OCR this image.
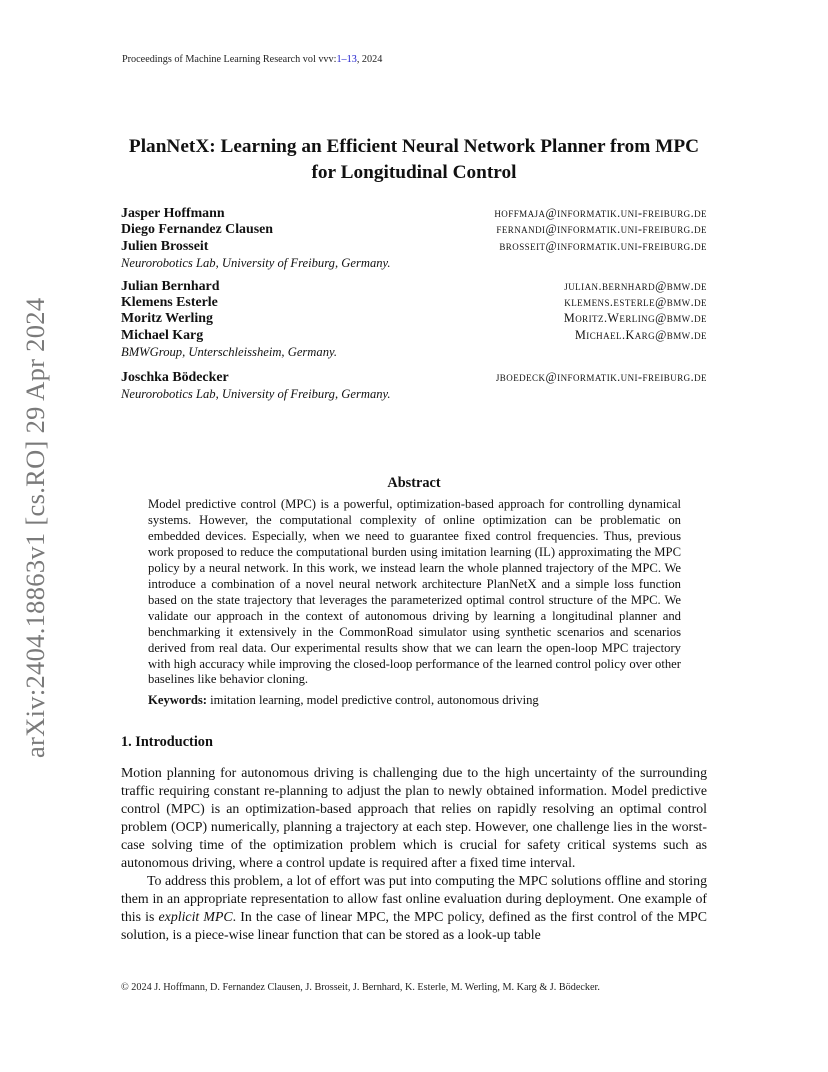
Proceedings of Machine Learning Research vol vvv:1–13, 2024
arXiv:2404.18863v1 [cs.RO] 29 Apr 2024
PlanNetX: Learning an Efficient Neural Network Planner from MPC
for Longitudinal Control
Jasper Hoffmann	hoffmaja@informatik.uni-freiburg.de
Diego Fernandez Clausen	fernandi@informatik.uni-freiburg.de
Julien Brosseit	brosseit@informatik.uni-freiburg.de
Neurorobotics Lab, University of Freiburg, Germany.
Julian Bernhard	julian.bernhard@bmw.de
Klemens Esterle	klemens.esterle@bmw.de
Moritz Werling	Moritz.Werling@bmw.de
Michael Karg	Michael.Karg@bmw.de
BMWGroup, Unterschleissheim, Germany.
Joschka Bödecker	jboedeck@informatik.uni-freiburg.de
Neurorobotics Lab, University of Freiburg, Germany.
Abstract
Model predictive control (MPC) is a powerful, optimization-based approach for controlling dynamical systems. However, the computational complexity of online optimization can be problematic on embedded devices. Especially, when we need to guarantee fixed control frequencies. Thus, previous work proposed to reduce the computational burden using imitation learning (IL) approximating the MPC policy by a neural network. In this work, we instead learn the whole planned trajectory of the MPC. We introduce a combination of a novel neural network architecture PlanNetX and a simple loss function based on the state trajectory that leverages the parameterized optimal control structure of the MPC. We validate our approach in the context of autonomous driving by learning a longitudinal planner and benchmarking it extensively in the CommonRoad simulator using synthetic scenarios and scenarios derived from real data. Our experimental results show that we can learn the open-loop MPC trajectory with high accuracy while improving the closed-loop performance of the learned control policy over other baselines like behavior cloning.
Keywords: imitation learning, model predictive control, autonomous driving
1. Introduction

Motion planning for autonomous driving is challenging due to the high uncertainty of the surrounding traffic requiring constant re-planning to adjust the plan to newly obtained information. Model predictive control (MPC) is an optimization-based approach that relies on rapidly resolving an optimal control problem (OCP) numerically, planning a trajectory at each step. However, one challenge lies in the worst-case solving time of the optimization problem which is crucial for safety critical systems such as autonomous driving, where a control update is required after a fixed time interval.

To address this problem, a lot of effort was put into computing the MPC solutions offline and storing them in an appropriate representation to allow fast online evaluation during deployment. One example of this is explicit MPC. In the case of linear MPC, the MPC policy, defined as the first control of the MPC solution, is a piece-wise linear function that can be stored as a look-up table

© 2024 J. Hoffmann, D. Fernandez Clausen, J. Brosseit, J. Bernhard, K. Esterle, M. Werling, M. Karg & J. Bödecker.
